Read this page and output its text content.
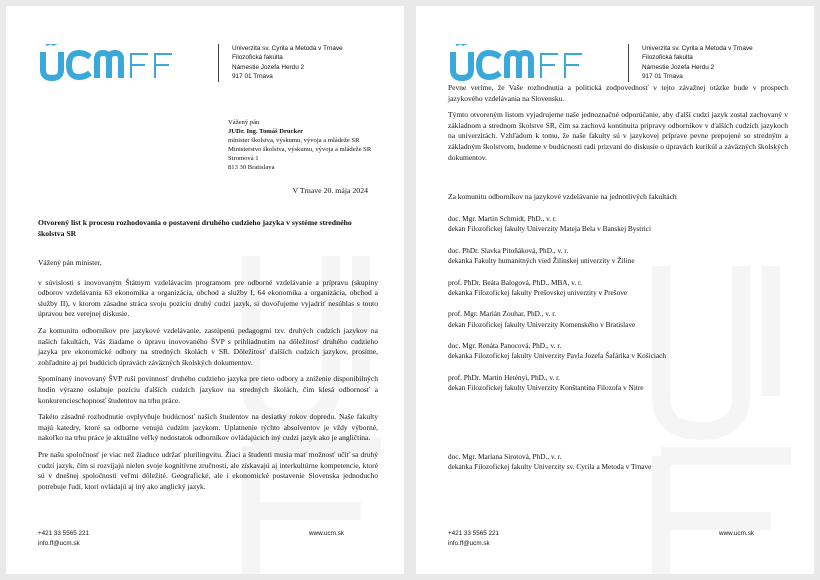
Univerzita sv. Cyrila a Metoda v Trnave
Filozofická fakulta
Námestie Jozefa Herdu 2
917 01 Trnava
Vážený pán
JUDr. Ing. Tomáš Drucker
minister školstva, výskumu, vývoja a mládeže SR
Ministerstvo školstva, výskumu, vývoja a mládeže SR
Stromová 1
813 30 Bratislava
V Trnave 20. mája 2024
Otvorený list k procesu rozhodovania o postavení druhého cudzieho jazyka v systéme stredného školstva SR

Vážený pán minister,

v súvislosti s inovovaným Štátnym vzdelávacím programom pre odborné vzdelávanie a prípravu (skupiny odborov vzdelávania 63 ekonomika a organizácia, obchod a služby I, 64 ekonomika a organizácia, obchod a služby II), v ktorom zásadne stráca svoju pozíciu druhý cudzí jazyk, si dovoľujeme vyjadriť nesúhlas s touto úpravou bez verejnej diskusie.

Za komunitu odborníkov pre jazykové vzdelávanie, zastúpenú pedagogmi tzv. druhých cudzích jazykov na našich fakultách, Vás žiadame o úpravu inovovaného ŠVP s prihliadnutím na dôležitosť druhého cudzieho jazyka pre ekonomické odbory na stredných školách v SR. Dôležitosť ďalších cudzích jazykov, prosíme, zohľadnite aj pri budúcich úpravách záväzných školských dokumentov.

Spomínaný inovovaný ŠVP ruší povinnosť druhého cudzieho jazyka pre tieto odbory a zníženie disponibilných hodín výrazne oslabuje pozíciu ďalších cudzích jazykov na stredných školách, čím klesá odbornosť a konkurencieschopnosť študentov na trhu práce.

Takéto zásadné rozhodnutie ovplyvňuje budúcnosť našich študentov na desiatky rokov dopredu. Naše fakulty majú katedry, ktoré sa odborne venujú cudzím jazykom. Uplatnenie týchto absolventov je vždy výborné, nakoľko na trhu práce je aktuálne veľký nedostatok odborníkov ovládajúcich iný cudzí jazyk ako je angličtina.

Pre našu spoločnosť je viac než žiaduce udržať plurilingvitu. Žiaci a študenti musia mať možnosť učiť sa druhý cudzí jazyk, čím si rozvíjajú nielen svoje kognitívne zručnosti, ale získavajú aj interkultúrne kompetencie, ktoré sú v dnešnej spoločnosti veľmi dôležité. Geografické, ale i ekonomické postavenie Slovenska jednoducho potrebuje ľudí, ktorí ovládajú aj iný ako anglický jazyk.

+421 33 5565 221
info.ff@ucm.sk
www.ucm.sk
Univerzita sv. Cyrila a Metoda v Trnave
Filozofická fakulta
Námestie Jozefa Herdu 2
917 01 Trnava

Pevne veríme, že Vaše rozhodnutia a politická zodpovednosť v tejto závažnej otázke bude v prospech jazykového vzdelávania na Slovensku.

Týmto otvoreným listom vyjadrujeme naše jednoznačné odporúčanie, aby ďalší cudzí jazyk zostal zachovaný v základnom a strednom školstve SR, čím sa zachová kontinuita prípravy odborníkov v ďalších cudzích jazykoch na univerzitách. Vzhľadom k tomu, že naše fakulty sú v jazykovej príprave pevne prepojené so stredným a základným školstvom, budeme v budúcnosti radi prizvaní do diskusie o úpravách kurikúl a záväzných školských dokumentov.

Za komunitu odborníkov na jazykové vzdelávanie na jednotlivých fakultách
doc. Mgr. Martin Schmidt, PhD., v. r.
dekan Filozofickej fakulty Univerzity Mateja Bela v Banskej Bystrici
doc. PhDr. Slavka Pitoňáková, PhD., v. r.
dekanka Fakulty humanitných vied Žilinskej univerzity v Žiline
prof. PhDr. Beáta Balogová, PhD., MBA, v. r.
dekanka Filozofickej fakulty Prešovskej univerzity v Prešove
prof. Mgr. Marián Zouhar, PhD., v. r.
dekan Filozofickej fakulty Univerzity Komenského v Bratislave
doc. Mgr. Renáta Panocová, PhD., v. r.
dekanka Filozofickej fakulty Univerzity Pavla Jozefa Šafárika v Košiciach
prof. PhDr. Martin Hetényi, PhD., v. r.
dekan Filozofickej fakulty Univerzity Konštantína Filozofa v Nitre
doc. Mgr. Mariana Sirotová, PhD., v. r.
dekanka Filozofickej fakulty Univerzity sv. Cyrila a Metoda v Trnave
+421 33 5565 221
info.ff@ucm.sk
www.ucm.sk
